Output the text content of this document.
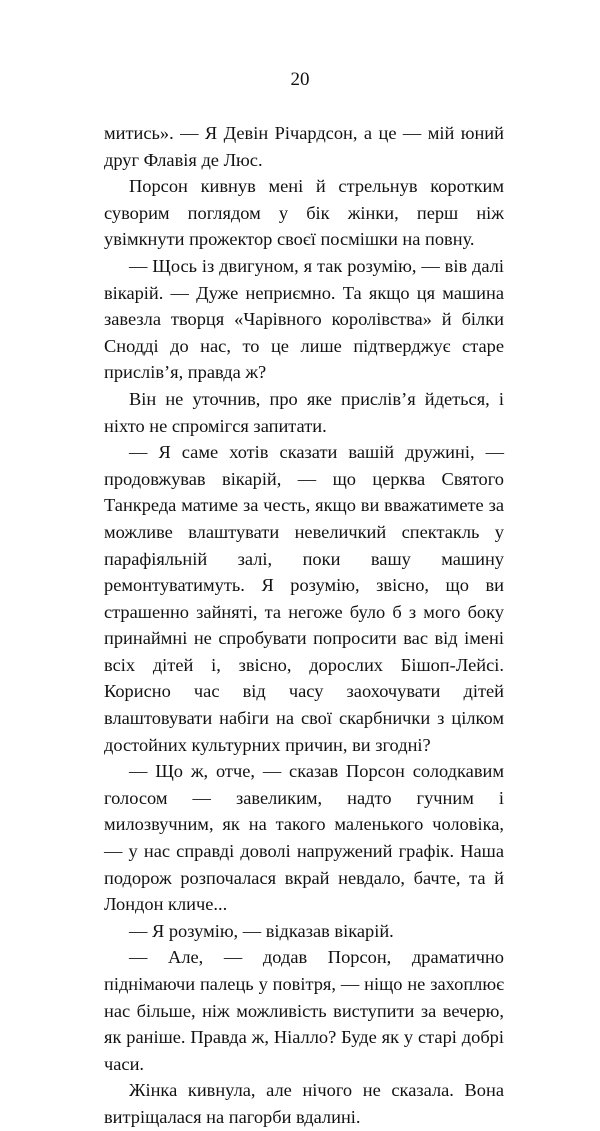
20

митись». — Я Девін Річардсон, а це — мій юний друг Флавія де Люс.

Порсон кивнув мені й стрельнув коротким суворим поглядом у бік жінки, перш ніж увімкнути прожектор своєї посмішки на повну.

— Щось із двигуном, я так розумію, — вів далі вікарій. — Дуже неприємно. Та якщо ця машина завезла творця «Чарівного королівства» й білки Снодді до нас, то це лише підтверджує старе прислів’я, правда ж?

Він не уточнив, про яке прислів’я йдеться, і ніхто не спромігся запитати.

— Я саме хотів сказати вашій дружині, — продовжував вікарій, — що церква Святого Танкреда матиме за честь, якщо ви вважатимете за можливе влаштувати невеличкий спектакль у парафіяльній залі, поки вашу машину ремонтуватимуть. Я розумію, звісно, що ви страшенно зайняті, та негоже було б з мого боку принаймні не спробувати попросити вас від імені всіх дітей і, звісно, дорослих Бішоп-Лейсі. Корисно час від часу заохочувати дітей влаштовувати набіги на свої скарбнички з цілком достойних культурних причин, ви згодні?

— Що ж, отче, — сказав Порсон солодкавим голосом — завеликим, надто гучним і милозвучним, як на такого маленького чоловіка, — у нас справді доволі напружений графік. Наша подорож розпочалася вкрай невдало, бачте, та й Лондон кличе...

— Я розумію, — відказав вікарій.

— Але, — додав Порсон, драматично піднімаючи палець у повітря, — ніщо не захоплює нас більше, ніж можливість виступити за вечерю, як раніше. Правда ж, Ніалло? Буде як у старі добрі часи.

Жінка кивнула, але нічого не сказала. Вона витріщалася на пагорби вдалині.
